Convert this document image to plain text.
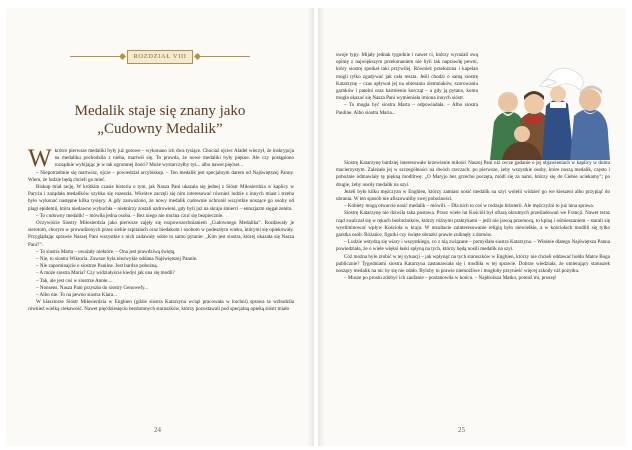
ROZDZIAŁ VIII
Medalik staje się znany jako
„Cudowny Medalik”

Wkrótce pierwsze medaliki były już gotowe – wykonano ich dwa tysiące. Chociaż ojciec Aladel wierzył, że inskrypcja na medaliku pochodziła z nieba, martwił się. To prawda, że nowe medaliki były piękne. Ale czy postąpiono rozsądnie wybijając je w tak ogromnej ilości? Może wystarczyłby tyś... albo nawet pięćset...

– Niepotrzebnie się martwisz, ojcze – powiedział arcybiskup. – Ten medalik jest specjalnym darem od Najświętszej Panny. Wiem, że ludzie będą chcieli go mieć.

Biskup miał rację. W krótkim czasie historia o tym, jak Nasza Pani ukazała się jednej z Sióstr Miłosierdzia w kaplicy w Paryżu i zażądała medalików szybko się rozeszła. Wkrótce zaczęli się nim interesować również ludzie z innych miast i trzeba było wykonać następne kilka tysięcy. A gdy zauważono, że nowy medalik cudownie uchronił wszystkie noszące go osoby od plagi epidemii, która niedawno wybuchła – niektórzy zostali uzdrowieni, gdy byli już na skraju śmierci – entuzjazm sięgał zenitu.

– To cudowny medalik! – mówiła jedna osoba. – Bez niego nie można czuć się bezpiecznie.

Oczywiście Siostry Miłosierdzia jako pierwsze zajęły się rozpowszechnianiem „Cudownego Medalika”. Rozdawały je sierotom, chorym w prowadzonych przez siebie szpitalach oraz biedakom i osobom w podeszłym wieku, którymi się opiekowały. Przyglądając sprawie Naszej Pani wszystkie z nich zadawały sobie to samo pytanie: „Kim jest siostra, której ukazała się Nasza Pani?”.

– To siostra Marta – uważały niektóre. – Ona jest prawdziwą świętą.

– Nie, to siostra Wiktoria. Zawsze była niezwykle oddana Najświętszej Pannie.

– Nie zapominajcie o siostrze Pauline. Jest bardzo pobożną.

– A może siostra Maria? Czy widziałyście kiedyś jak ona się modli?

– Tak, ale jest coś w siostrze Annie....

– Nonsens. Nasza Pani przyszła do siostry Genowefy...

– Albo nie. To na pewno siostra Klara...

W klasztorze Sióstr Miłosierdzia w Enghien (gdzie siostra Katarzyna wciąż pracowała w kuchni) sprawa ta wzbudziła również wielką ciekawość. Nawet pięćdziesięciu bezdomnych staruszków, którzy pozostawali pod specjalną opieką sióstr miało

24

swoje typy. Mijały jednak tygodnie i nawet ci, którzy wyrażali swą opinię z największym przekonaniem nie byli tak naprawdę pewni, który siostrę spotkał taki przywilej. Również przełożona i kapelan mogli tylko zgadywać jak cała reszta. Jeśli chodzi o samą siostrę Katarzynę – czas upływał jej na obieraniu ziemniaków, szorowaniu garnków i patelni oraz karmieniu kurcząt – a gdy ją pytano, komu mogła ukazać się Nasza Pani wymieniała imiona innych sióstr.

– To mogła być siostra Marta – odpowiadała. – Albo siostra Pauline. Albo siostra Maria...

Siostrę Katarzynę bardziej interesowało krzewienie miłości Naszej Pani niż cecze gadanie o jej objawieniach w kaplicy w domu macierzystym. Zależało jej w szczególności na dwóch rzeczach: po pierwsze, żeby wszystkie osoby, które noszą medalik, często i pobożnie odmawiały tę piękną modlitwę: „O Maryjo bez grzechu poczęta, módl się za nami, którzy się do Ciebie uciekamy”; po drugie, żeby nosiły medalik na szyi.

Jeżeli było kilku mężczyzn w Enghien, którzy zamiast nosić medalik na szyi wolelii widzieć go we kieszeni albo przypiąć do ubrania. W ten sposób nie afiszowaliby swej pobożności.

– Kobiety mogą otwarcie nosić medalik – mówili. – Dla nich to coś w rodzaju biżuterii. Ale mężczyźni to już inna sprawa.

Siostrę Katarzynę nie dziwiła taka postawa. Przez wiele lat Kościół był ofiarą okrutnych prześladowań we Francji. Nawet teraz rząd zwalczał się w rękach bezbożników, którzy różnymi praktykami – jeśli nie jawną przemocą, to kpiną i ośmieszaniem – starali się wyeliminować wpływ Kościoła w kraju. W rezultacie zainteresowanie religią było niewielkie, a w kościołach modlili się tylko garstka osób. Różańce, figurki czy święte obrazki prawie zniknęły z domów.

– Ludzie wstydzą się wiary i wszystkiego, co z nią związane – pomyślała siostra Katarzyna. – Właśnie dlatego Najświętsza Panna powiedziała, że o wiele więksi łaski spłyną na tych, którzy będą nosili medalik na szyi.

Cóż można było zrobić w tej sytuacji – jak wpłynąć na tych staruszków w Enghien, którzy nie chcieli oddawać hołdu Matce Boga publicznie? Tygodniami siostra Katarzyna zastanawiała się i modliła w tej sprawie. Dobrze wiedziała, że umierający staruszek noszący medalik na nic by się nie zdało. Byloby to prawie niemożliwe i mogłoby przynieść więcej szkody niż pożytku.

– Musze po prostu zdobyć ich zaufanie – postanowiła w końcu. – Najdroższa Matko, pomóż mi, proszę!

25
